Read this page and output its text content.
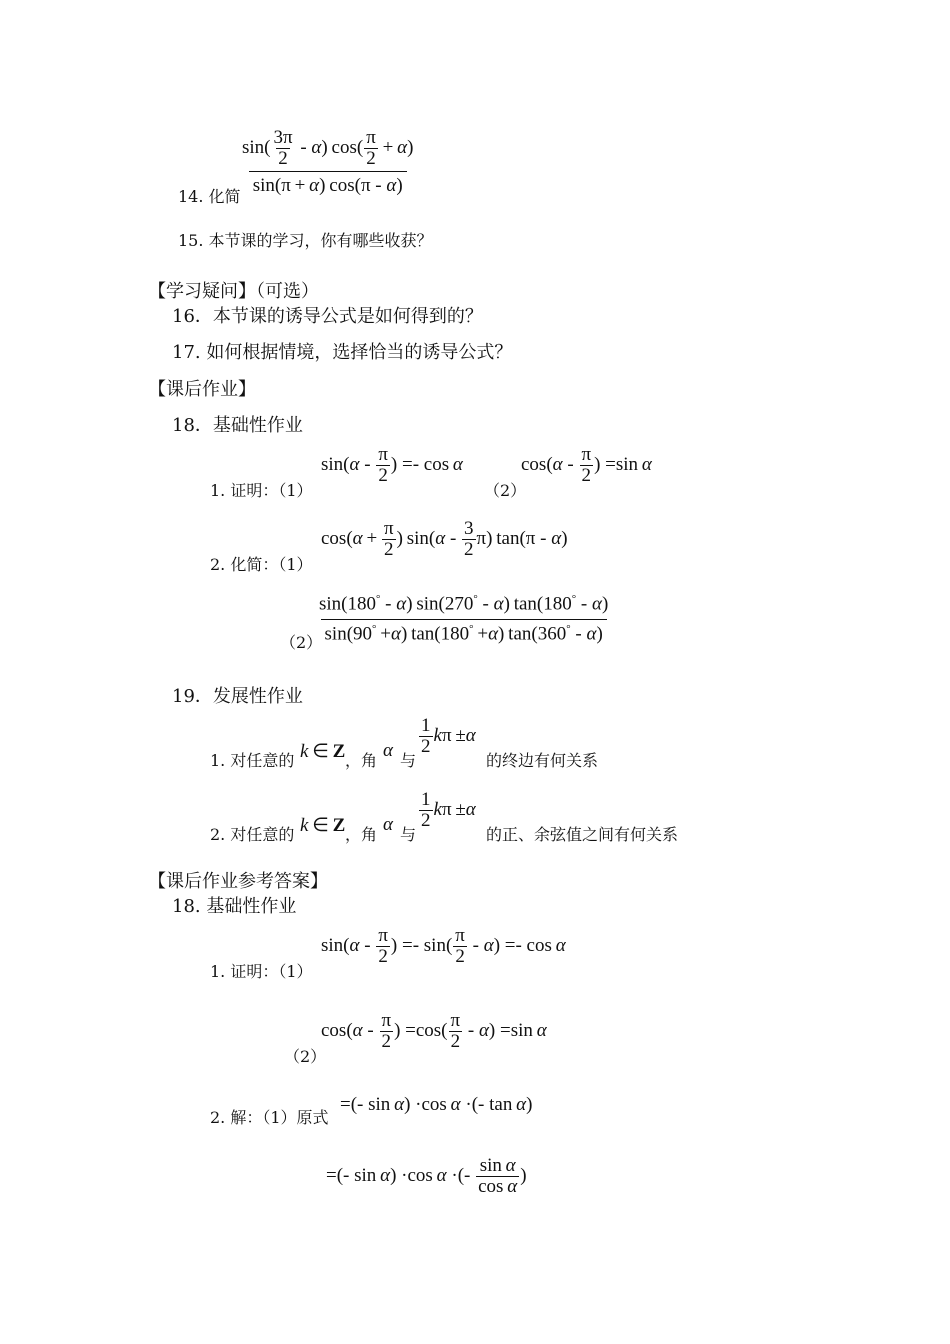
14. 化简
$\frac{\sin( \frac{3\pi}{2} - \alpha) \cos( \frac{\pi}{2} + \alpha)}{\sin(\pi + \alpha) \cos(\pi - \alpha)}$
15. 本节课的学习，你有哪些收获？
【学习疑问】（可选）
16．本节课的诱导公式是如何得到的？
17. 如何根据情境，选择恰当的诱导公式？
【课后作业】
18．基础性作业
1. 证明：（1）
$\sin(\alpha - \frac{\pi}{2}$ ) =- cos α
（2）
$\cos(\alpha - \frac{\pi}{2}$ ) =sin α
2. 化简：（1）
$\cos(\alpha + \frac{\pi}{2}$ ) $\sin(\alpha - \frac{3}{2} \pi)$ tan(π - α)
（2）
$\frac{\sin(180^\circ - \alpha) \sin(270^\circ - \alpha) \tan(180^\circ - \alpha)}{\sin(90^\circ +\alpha) \tan(180^\circ +\alpha) \tan(360^\circ - \alpha)}$
19．发展性作业
1. 对任意的 k ∈ Z ，角 α 与
$\frac{1}{2}$ kπ ±α
的终边有何关系
2. 对任意的 k ∈ Z ，角 α 与
$\frac{1}{2}$ kπ ±α
的正、余弦值之间有何关系
【课后作业参考答案】
18. 基础性作业
1. 证明：（1）
$\sin(\alpha - \frac{\pi}{2}$ ) =- $\sin( \frac{\pi}{2} - \alpha) =- \cos \alpha$
（2）
$\cos(\alpha - \frac{\pi}{2}$ ) $=\cos( \frac{\pi}{2} - \alpha) =\sin$ α
2. 解：（1）原式
=(- sin α) ·cos α ·(- tan α)
=(- sin α) ·cos α ·(- $\frac{\text{sin α}}{\text{cos α}}$ )
